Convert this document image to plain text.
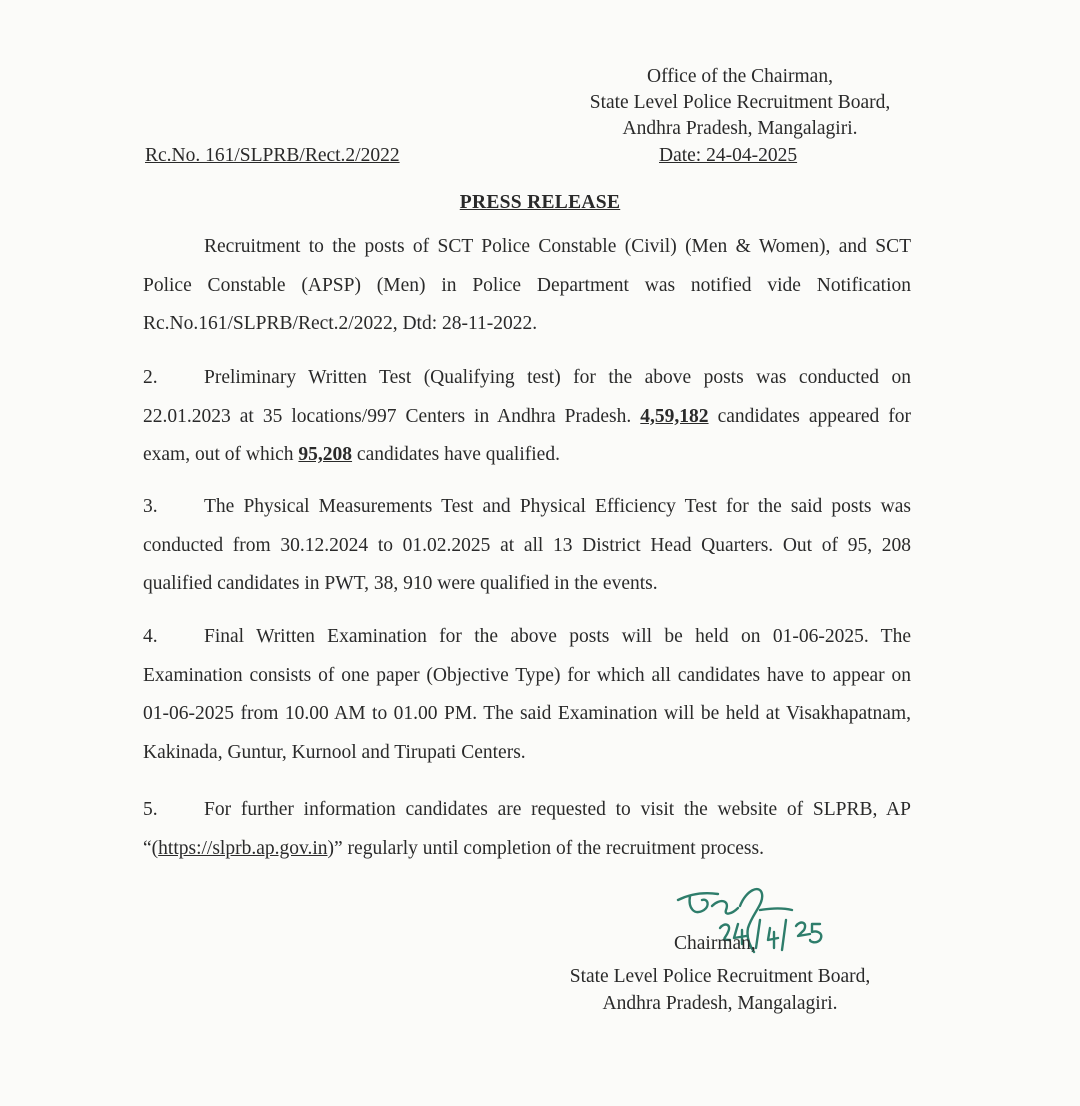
Office of the Chairman,
State Level Police Recruitment Board,
Andhra Pradesh, Mangalagiri.
Rc.No. 161/SLPRB/Rect.2/2022	Date: 24-04-2025
PRESS RELEASE
Recruitment to the posts of SCT Police Constable (Civil) (Men & Women), and SCT Police Constable (APSP) (Men) in Police Department was notified vide Notification Rc.No.161/SLPRB/Rect.2/2022, Dtd: 28-11-2022.
2. Preliminary Written Test (Qualifying test) for the above posts was conducted on 22.01.2023 at 35 locations/997 Centers in Andhra Pradesh. 4,59,182 candidates appeared for exam, out of which 95,208 candidates have qualified.
3. The Physical Measurements Test and Physical Efficiency Test for the said posts was conducted from 30.12.2024 to 01.02.2025 at all 13 District Head Quarters. Out of 95, 208 qualified candidates in PWT, 38, 910 were qualified in the events.
4. Final Written Examination for the above posts will be held on 01-06-2025. The Examination consists of one paper (Objective Type) for which all candidates have to appear on 01-06-2025 from 10.00 AM to 01.00 PM. The said Examination will be held at Visakhapatnam, Kakinada, Guntur, Kurnool and Tirupati Centers.
5. For further information candidates are requested to visit the website of SLPRB, AP “(https://slprb.ap.gov.in)” regularly until completion of the recruitment process.
Chairman,
State Level Police Recruitment Board,
Andhra Pradesh, Mangalagiri.
